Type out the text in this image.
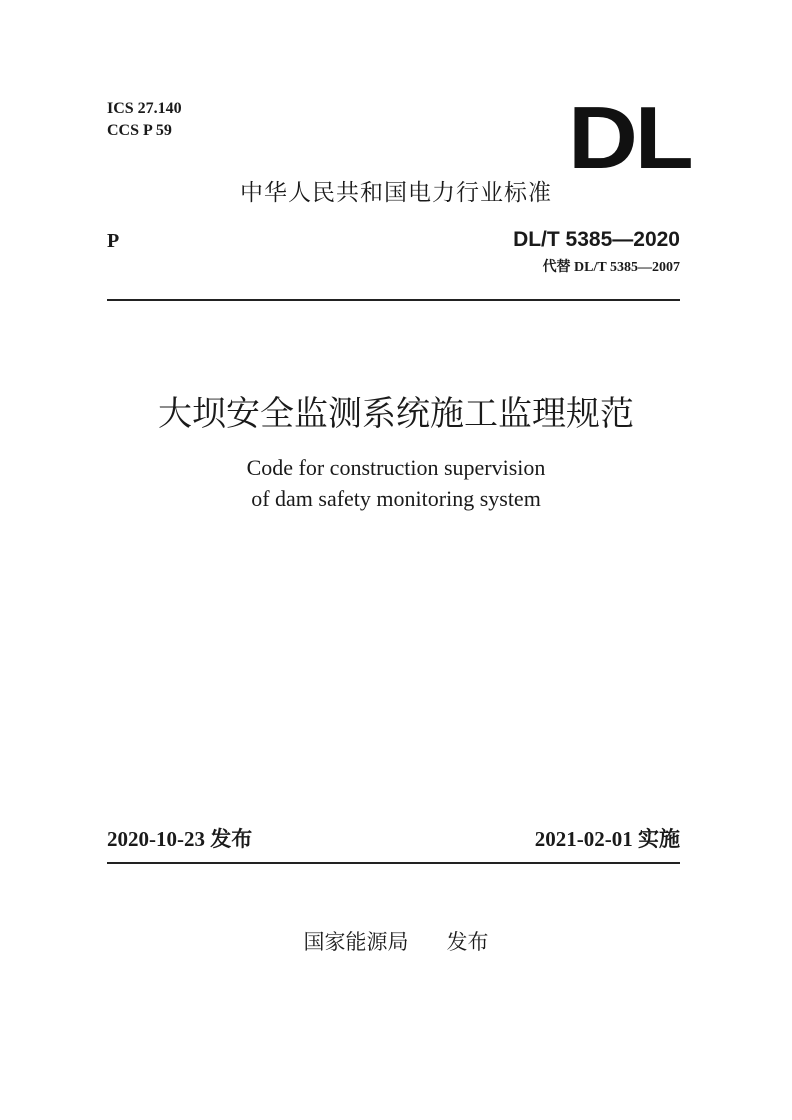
ICS 27.140
CCS P 59	DL
中华人民共和国电力行业标准
P	DL/T 5385—2020
代替 DL/T 5385—2007
大坝安全监测系统施工监理规范
Code for construction supervision
of dam safety monitoring system
2020-10-23 发布	2021-02-01 实施
国家能源局 发布
